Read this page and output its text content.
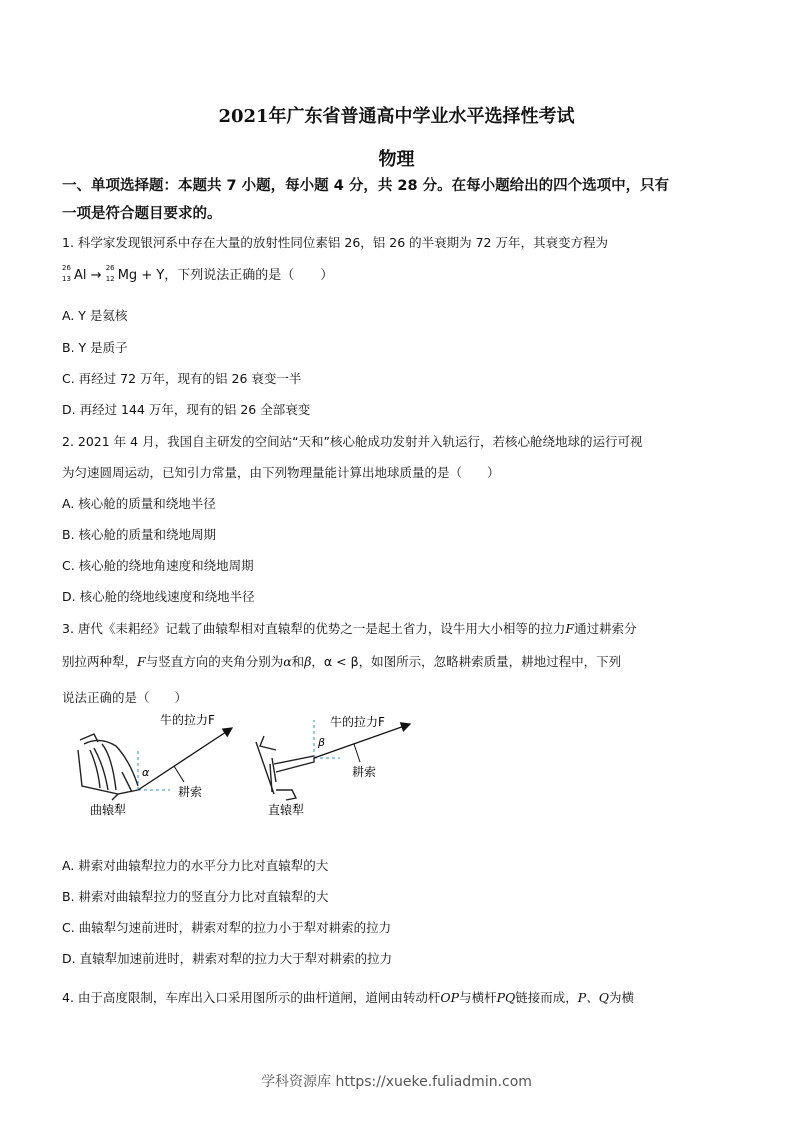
2021年广东省普通高中学业水平选择性考试
物理
一、单项选择题：本题共 7 小题，每小题 4 分，共 28 分。在每小题给出的四个选项中，只有
一项是符合题目要求的。
1. 科学家发现银河系中存在大量的放射性同位素铝 26，铝 26 的半衰期为 72 万年，其衰变方程为
26
13 Al → 26
12 Mg + Y，下列说法正确的是（　　）
A. Y 是氦核
B. Y 是质子
C. 再经过 72 万年，现有的铝 26 衰变一半
D. 再经过 144 万年，现有的铝 26 全部衰变
2. 2021 年 4 月，我国自主研发的空间站“天和”核心舱成功发射并入轨运行，若核心舱绕地球的运行可视
为匀速圆周运动，已知引力常量，由下列物理量能计算出地球质量的是（　　）
A. 核心舱的质量和绕地半径
B. 核心舱的质量和绕地周期
C. 核心舱的绕地角速度和绕地周期
D. 核心舱的绕地线速度和绕地半径
3. 唐代《耒耜经》记载了曲辕犁相对直辕犁的优势之一是起土省力，设牛用大小相等的拉力F通过耕索分
别拉两种犁，F与竖直方向的夹角分别为α和β，α < β，如图所示，忽略耕索质量，耕地过程中，下列
说法正确的是（　　）
牛的拉力F
α
耕索
曲辕犁
牛的拉力F
β
耕索
直辕犁
A. 耕索对曲辕犁拉力的水平分力比对直辕犁的大
B. 耕索对曲辕犁拉力的竖直分力比对直辕犁的大
C. 曲辕犁匀速前进时，耕索对犁的拉力小于犁对耕索的拉力
D. 直辕犁加速前进时，耕索对犁的拉力大于犁对耕索的拉力
4. 由于高度限制，车库出入口采用图所示的曲杆道闸，道闸由转动杆OP与横杆PQ链接而成，P、Q为横
学科资源库 https://xueke.fuliadmin.com
